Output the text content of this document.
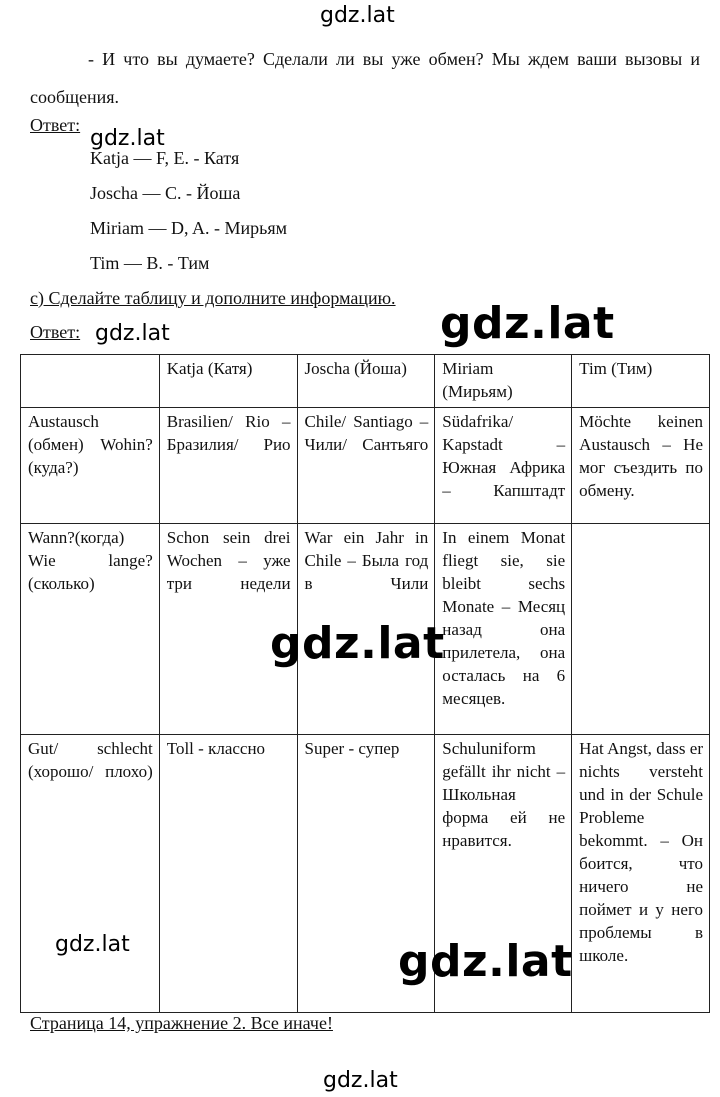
gdz.lat
gdz.lat
gdz.lat	gdz.lat
gdz.lat
gdz.lat	gdz.lat
gdz.lat
- И что вы думаете? Сделали ли вы уже обмен? Мы ждем ваши вызовы и сообщения.
Ответ:
Katja — F, E. - Катя
Joscha — C. - Йоша
Miriam — D, A. - Мирьям
Tim — B. - Тим
c) Сделайте таблицу и дополните информацию.
Ответ:
	Katja (Катя)	Joscha (Йоша)	Miriam (Мирьям)	Tim (Тим)
Austausch (обмен) Wohin? (куда?)	Brasilien/ Rio – Бразилия/ Рио	Chile/ Santiago – Чили/ Сантьяго	Südafrika/ Kapstadt – Южная Африка – Капштадт	Möchte keinen Austausch – Не мог съездить по обмену.
Wann?(когда) Wie lange? (сколько)	Schon sein drei Wochen – уже три недели	War ein Jahr in Chile – Была год в Чили	In einem Monat fliegt sie, sie bleibt sechs Monate – Месяц назад она прилетела, она осталась на 6 месяцев.	
Gut/ schlecht (хорошо/ плохо)	Toll - классно	Super - супер	Schuluniform gefällt ihr nicht – Школьная форма ей не нравится.	Hat Angst, dass er nichts versteht und in der Schule Probleme bekommt. – Он боится, что ничего не поймет и у него проблемы в школе.
Страница 14, упражнение 2. Все иначе!
